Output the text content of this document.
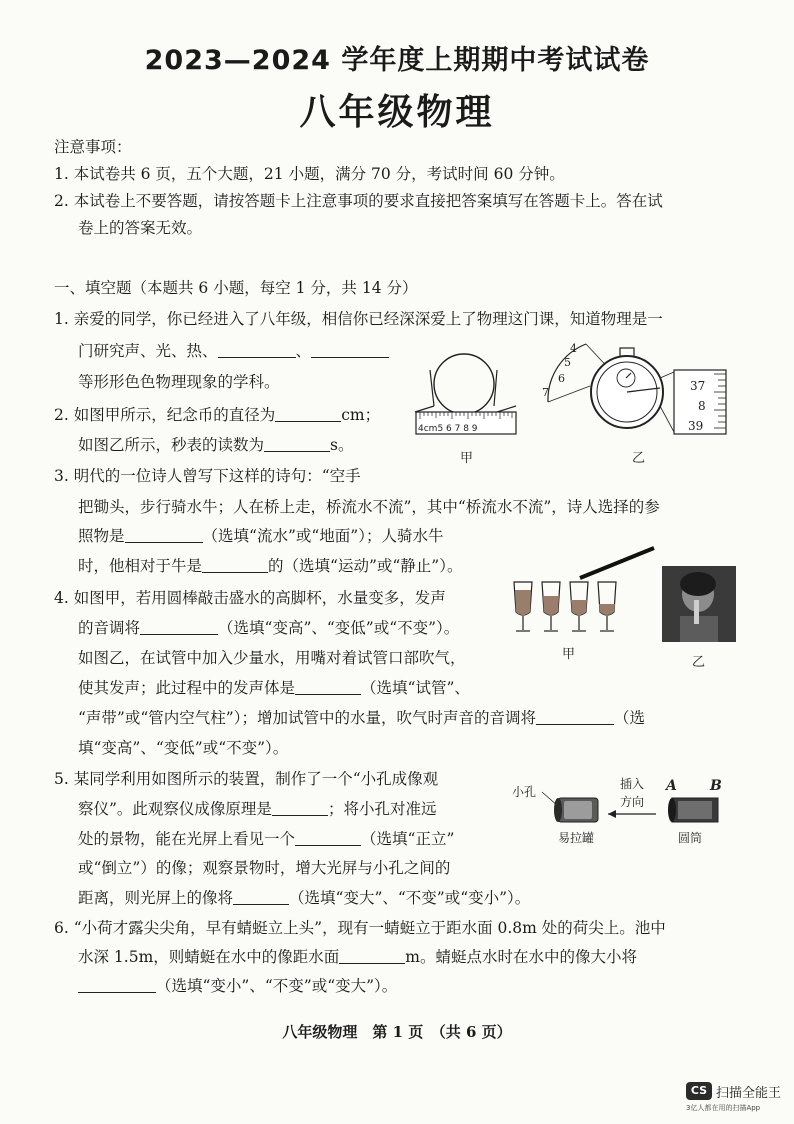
2023—2024 学年度上期期中考试试卷
八年级物理
注意事项：
1. 本试卷共 6 页，五个大题，21 小题，满分 70 分，考试时间 60 分钟。
2. 本试卷上不要答题，请按答题卡上注意事项的要求直接把答案填写在答题卡上。答在试
卷上的答案无效。
一、填空题（本题共 6 小题，每空 1 分，共 14 分）
1. 亲爱的同学，你已经进入了八年级，相信你已经深深爱上了物理这门课，知道物理是一
门研究声、光、热、	、
等形形色色物理现象的学科。
2. 如图甲所示，纪念币的直径为	cm；
如图乙所示，秒表的读数为	s。
4cm5 6 7 8 9
甲
4
5
6
7	37
8
39
乙
3. 明代的一位诗人曾写下这样的诗句：“空手
把锄头，步行骑水牛；人在桥上走，桥流水不流”，其中“桥流水不流”，诗人选择的参
照物是	（选填“流水”或“地面”）；人骑水牛
时，他相对于牛是	的（选填“运动”或“静止”）。
4. 如图甲，若用圆棒敲击盛水的高脚杯，水量变多，发声
的音调将	（选填“变高”、“变低”或“不变”）。
如图乙，在试管中加入少量水，用嘴对着试管口部吹气，
使其发声；此过程中的发声体是	（选填“试管”、
“声带”或“管内空气柱”）；增加试管中的水量，吹气时声音的音调将	（选
填“变高”、“变低”或“不变”）。
甲
乙
5. 某同学利用如图所示的装置，制作了一个“小孔成像观
察仪”。此观察仪成像原理是	；将小孔对准远
处的景物，能在光屏上看见一个	（选填“正立”
或“倒立”）的像；观察景物时，增大光屏与小孔之间的
距离，则光屏上的像将	（选填“变大”、“不变”或“变小”）。
小孔
易拉罐
插入
方向
A B
圆筒
6. “小荷才露尖尖角，早有蜻蜓立上头”，现有一蜻蜓立于距水面 0.8m 处的荷尖上。池中
水深 1.5m，则蜻蜓在水中的像距水面	m。蜻蜓点水时在水中的像大小将
（选填“变小”、“不变”或“变大”）。
八年级物理　第 1 页　（共 6 页）
CS 扫描全能王
3亿人都在用的扫描App
